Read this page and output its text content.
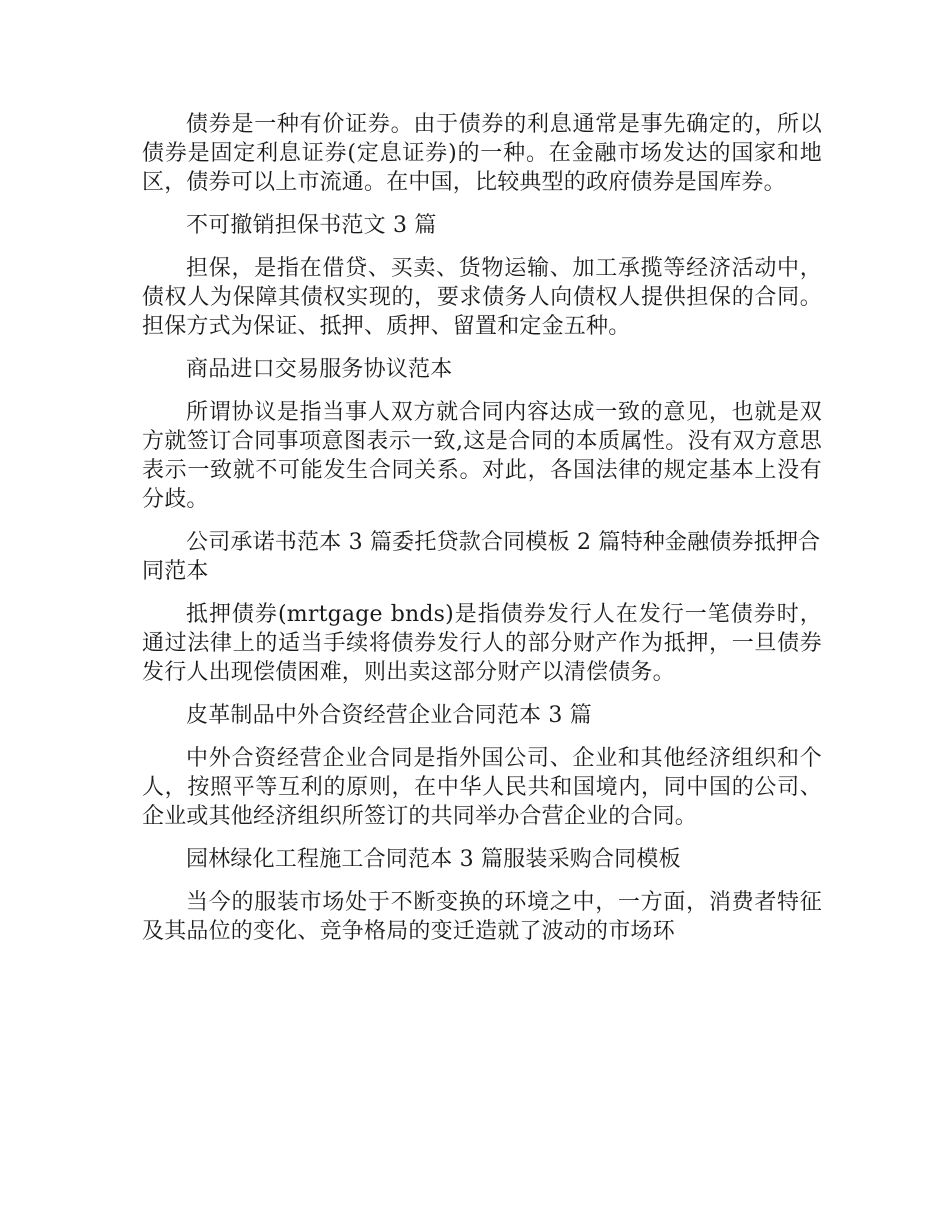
债券是一种有价证券。由于债券的利息通常是事先确定的，所以债券是固定利息证券(定息证券)的一种。在金融市场发达的国家和地区，债券可以上市流通。在中国，比较典型的政府债券是国库券。

不可撤销担保书范文 3 篇

担保，是指在借贷、买卖、货物运输、加工承揽等经济活动中，债权人为保障其债权实现的，要求债务人向债权人提供担保的合同。担保方式为保证、抵押、质押、留置和定金五种。

商品进口交易服务协议范本

所谓协议是指当事人双方就合同内容达成一致的意见，也就是双方就签订合同事项意图表示一致,这是合同的本质属性。没有双方意思表示一致就不可能发生合同关系。对此，各国法律的规定基本上没有分歧。

公司承诺书范本 3 篇委托贷款合同模板 2 篇特种金融债券抵押合同范本

抵押债券(mrtgage bnds)是指债券发行人在发行一笔债券时，通过法律上的适当手续将债券发行人的部分财产作为抵押，一旦债券发行人出现偿债困难，则出卖这部分财产以清偿债务。

皮革制品中外合资经营企业合同范本 3 篇

中外合资经营企业合同是指外国公司、企业和其他经济组织和个人，按照平等互利的原则，在中华人民共和国境内，同中国的公司、企业或其他经济组织所签订的共同举办合营企业的合同。

园林绿化工程施工合同范本 3 篇服装采购合同模板

当今的服装市场处于不断变换的环境之中，一方面，消费者特征及其品位的变化、竞争格局的变迁造就了波动的市场环
